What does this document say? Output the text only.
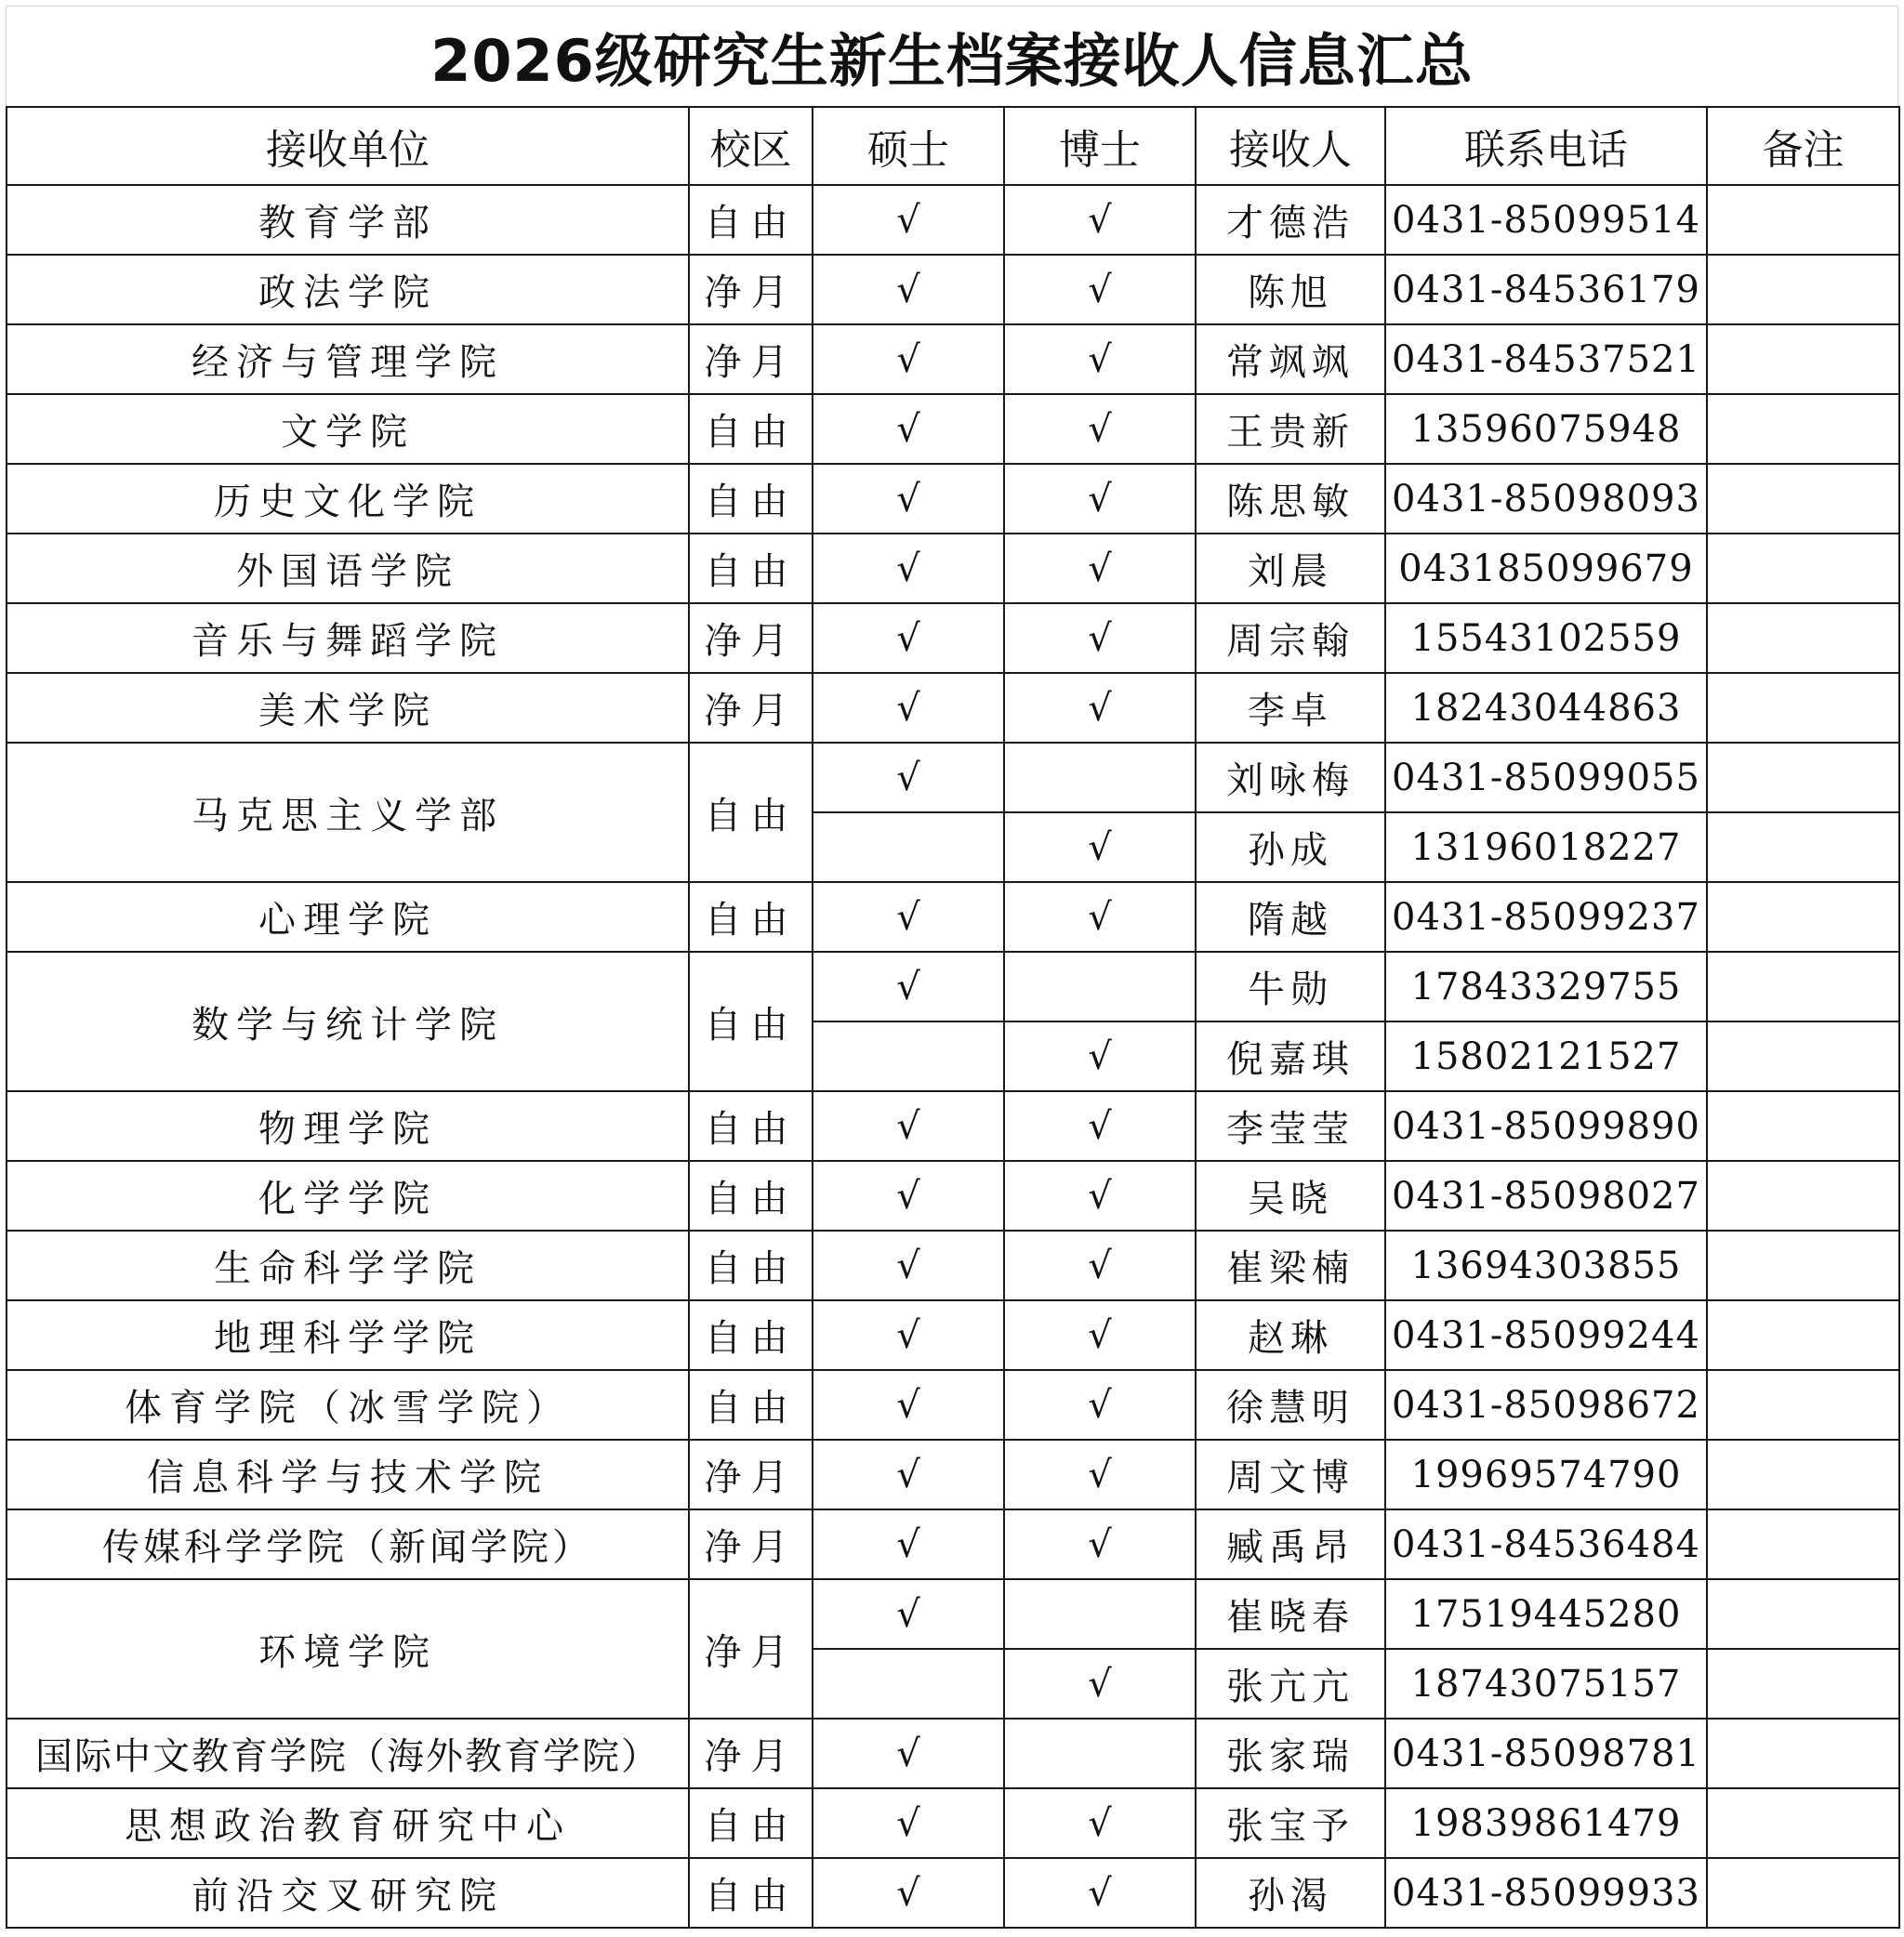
2026级研究生新生档案接收人信息汇总
接收单位	校区	硕士	博士	接收人	联系电话	备注
教育学部	自由	√	√	才德浩	0431-85099514	
政法学院	净月	√	√	陈旭	0431-84536179	
经济与管理学院	净月	√	√	常飒飒	0431-84537521	
文学院	自由	√	√	王贵新	13596075948	
历史文化学院	自由	√	√	陈思敏	0431-85098093	
外国语学院	自由	√	√	刘晨	043185099679	
音乐与舞蹈学院	净月	√	√	周宗翰	15543102559	
美术学院	净月	√	√	李卓	18243044863	
马克思主义学部	自由	√		刘咏梅	0431-85099055	
			√	孙成	13196018227	
心理学院	自由	√	√	隋越	0431-85099237	
数学与统计学院	自由	√		牛勋	17843329755	
			√	倪嘉琪	15802121527	
物理学院	自由	√	√	李莹莹	0431-85099890	
化学学院	自由	√	√	吴晓	0431-85098027	
生命科学学院	自由	√	√	崔梁楠	13694303855	
地理科学学院	自由	√	√	赵琳	0431-85099244	
体育学院（冰雪学院）	自由	√	√	徐慧明	0431-85098672	
信息科学与技术学院	净月	√	√	周文博	19969574790	
传媒科学学院（新闻学院）	净月	√	√	臧禹昂	0431-84536484	
环境学院	净月	√		崔晓春	17519445280	
			√	张亢亢	18743075157	
国际中文教育学院（海外教育学院）	净月	√		张家瑞	0431-85098781	
思想政治教育研究中心	自由	√	√	张宝予	19839861479	
前沿交叉研究院	自由	√	√	孙渴	0431-85099933	
